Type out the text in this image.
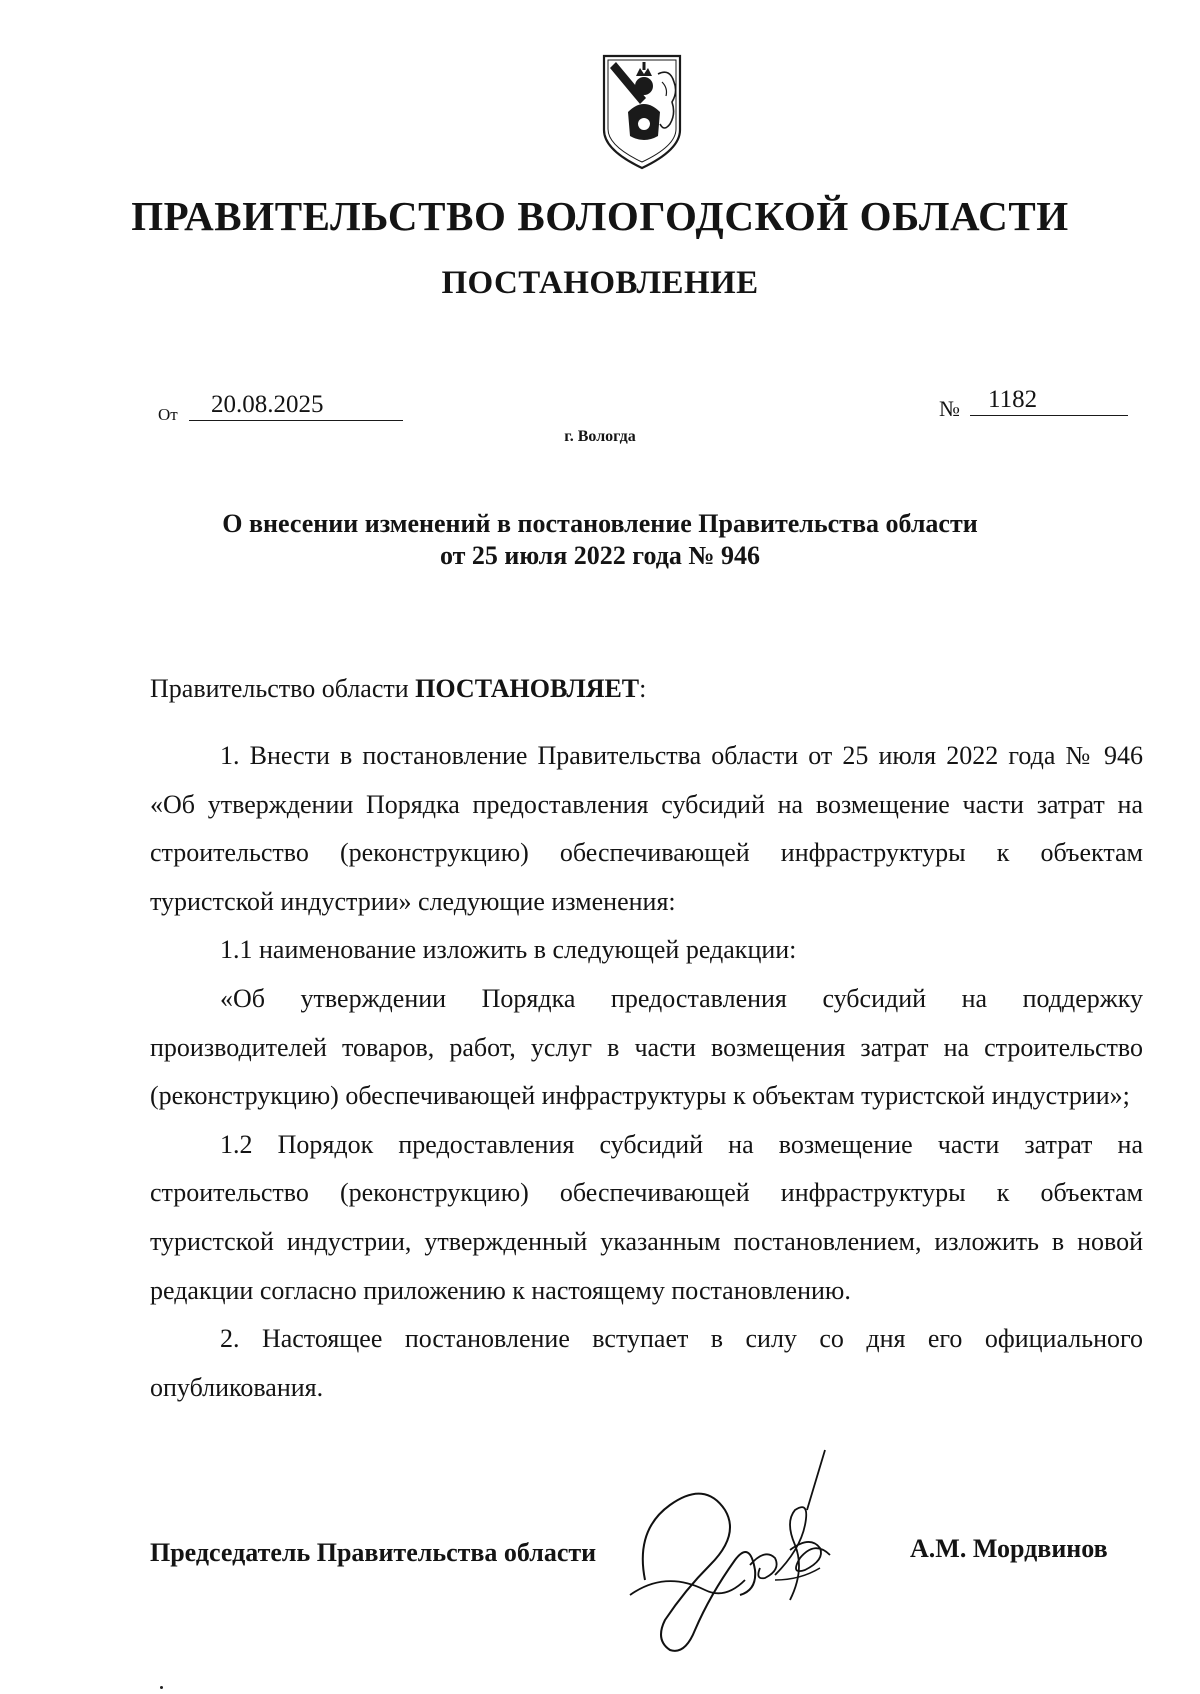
ПРАВИТЕЛЬСТВО ВОЛОГОДСКОЙ ОБЛАСТИ
ПОСТАНОВЛЕНИЕ
От	20.08.2025	№	1182
г. Вологда
О внесении изменений в постановление Правительства области
от 25 июля 2022 года № 946
Правительство области ПОСТАНОВЛЯЕТ:

1. Внести в постановление Правительства области от 25 июля 2022 года № 946 «Об утверждении Порядка предоставления субсидий на возмещение части затрат на строительство (реконструкцию) обеспечивающей инфраструктуры к объектам туристской индустрии» следующие изменения:

1.1 наименование изложить в следующей редакции:

«Об утверждении Порядка предоставления субсидий на поддержку производителей товаров, работ, услуг в части возмещения затрат на строительство (реконструкцию) обеспечивающей инфраструктуры к объектам туристской индустрии»;

1.2 Порядок предоставления субсидий на возмещение части затрат на строительство (реконструкцию) обеспечивающей инфраструктуры к объектам туристской индустрии, утвержденный указанным постановлением, изложить в новой редакции согласно приложению к настоящему постановлению.

2. Настоящее постановление вступает в силу со дня его официального опубликования.

Председатель Правительства области	А.М. Мордвинов
